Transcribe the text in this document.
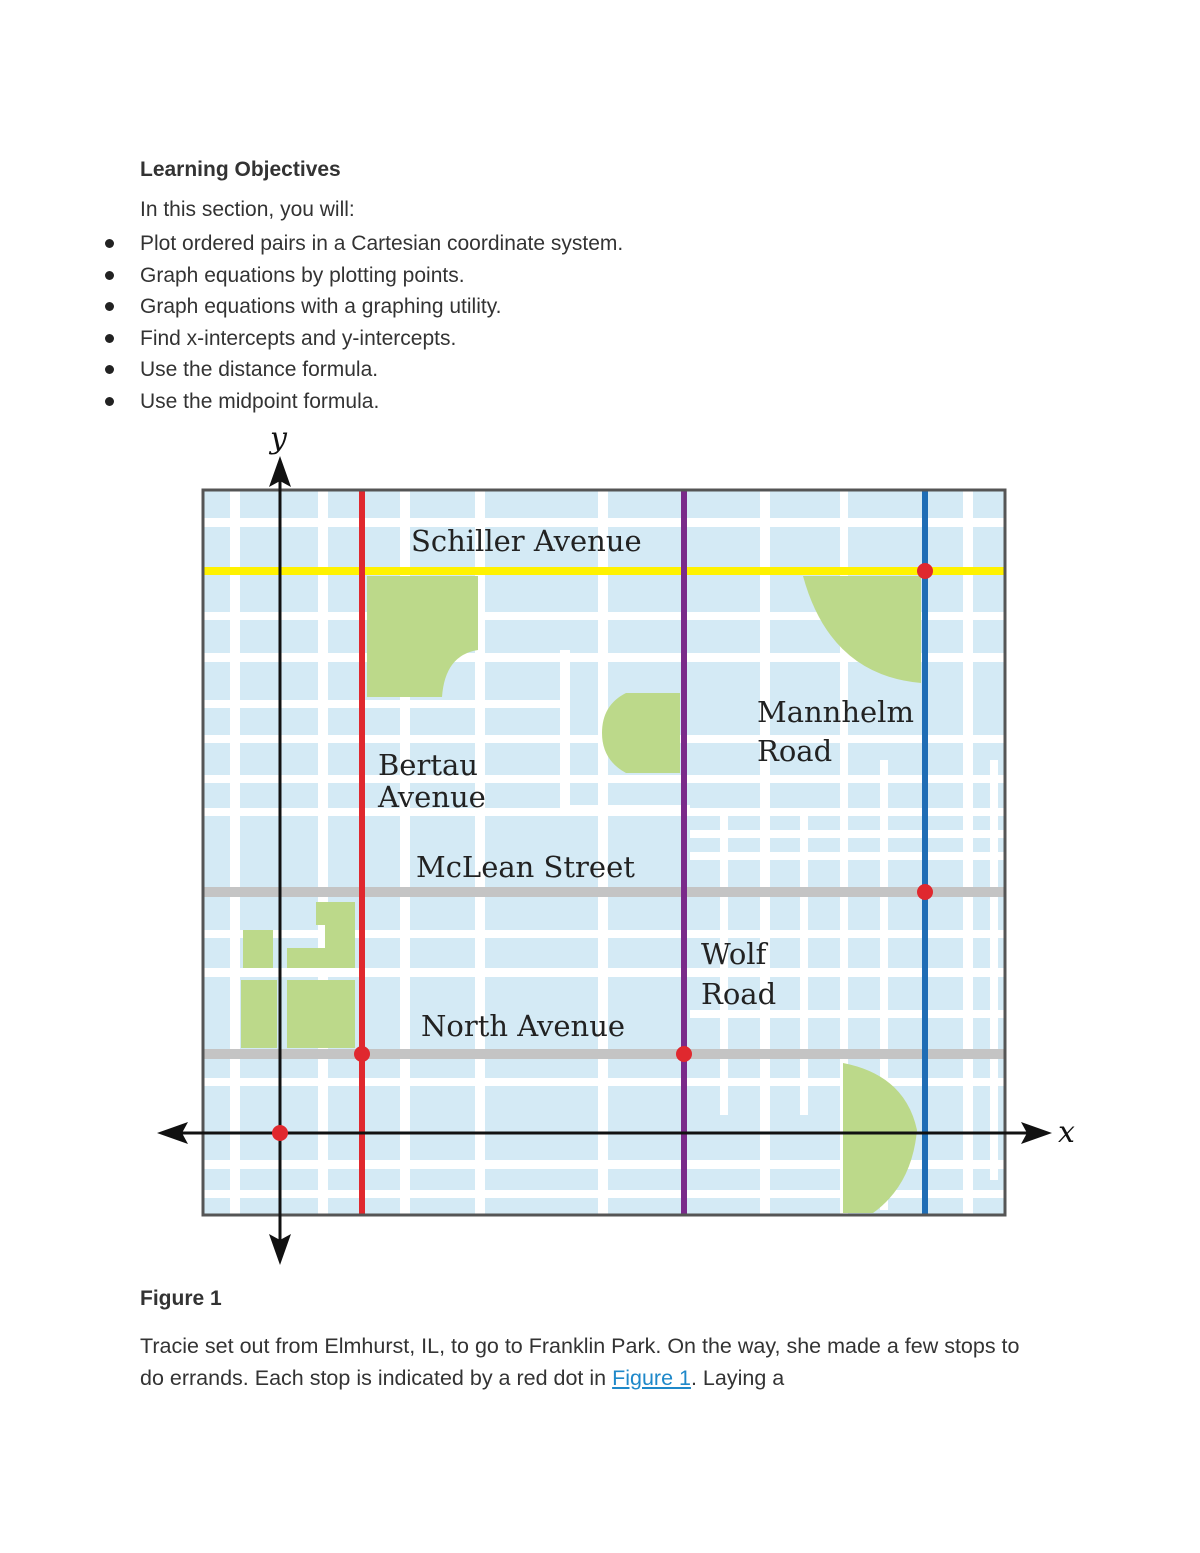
Learning Objectives
In this section, you will:
Plot ordered pairs in a Cartesian coordinate system.
Graph equations by plotting points.
Graph equations with a graphing utility.
Find x-intercepts and y-intercepts.
Use the distance formula.
Use the midpoint formula.
x
y
Schiller Avenue
Bertau
Avenue
Mannhelm
Road
McLean Street
Wolf
Road
North Avenue
Figure 1

Tracie set out from Elmhurst, IL, to go to Franklin Park. On the way, she made a few stops to do errands. Each stop is indicated by a red dot in Figure 1. Laying a
